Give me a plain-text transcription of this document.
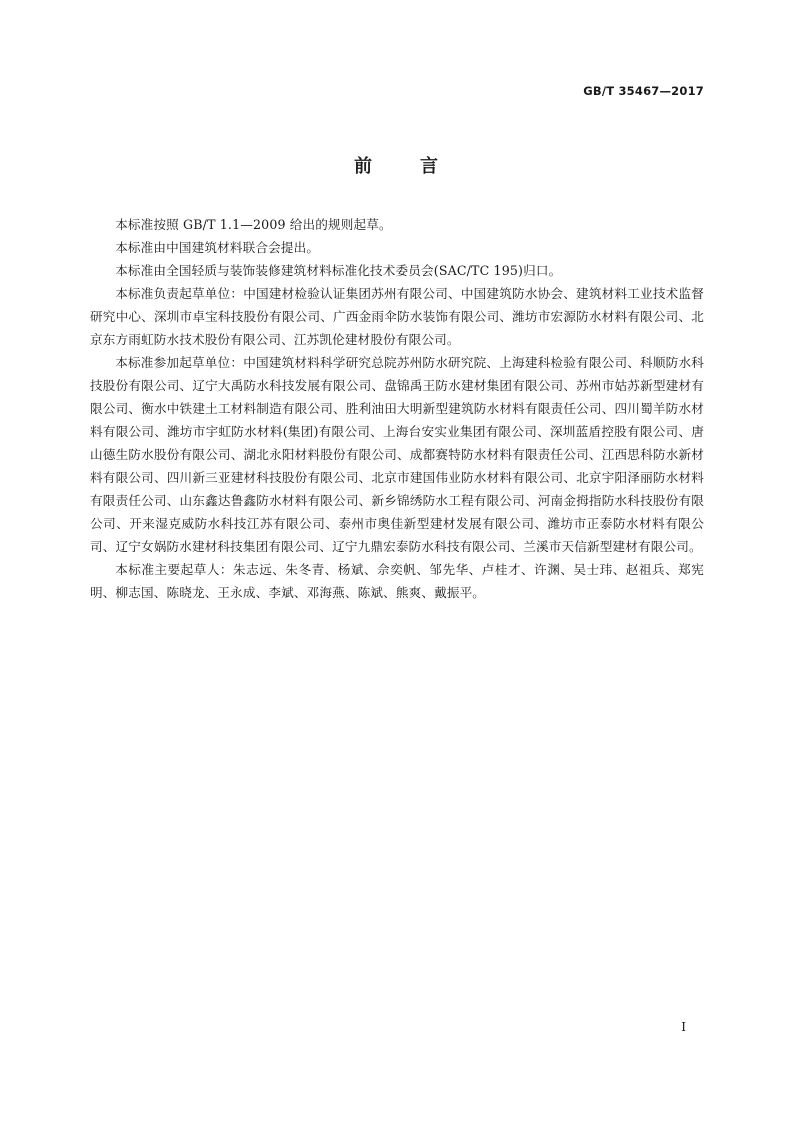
GB/T 35467—2017
前	言

本标准按照 GB/T 1.1—2009 给出的规则起草。

本标准由中国建筑材料联合会提出。

本标准由全国轻质与装饰装修建筑材料标准化技术委员会(SAC/TC 195)归口。

本标准负责起草单位：中国建材检验认证集团苏州有限公司、中国建筑防水协会、建筑材料工业技术监督研究中心、深圳市卓宝科技股份有限公司、广西金雨伞防水装饰有限公司、潍坊市宏源防水材料有限公司、北京东方雨虹防水技术股份有限公司、江苏凯伦建材股份有限公司。

本标准参加起草单位：中国建筑材料科学研究总院苏州防水研究院、上海建科检验有限公司、科顺防水科技股份有限公司、辽宁大禹防水科技发展有限公司、盘锦禹王防水建材集团有限公司、苏州市姑苏新型建材有限公司、衡水中铁建土工材料制造有限公司、胜利油田大明新型建筑防水材料有限责任公司、四川蜀羊防水材料有限公司、潍坊市宇虹防水材料(集团)有限公司、上海台安实业集团有限公司、深圳蓝盾控股有限公司、唐山德生防水股份有限公司、湖北永阳材料股份有限公司、成都赛特防水材料有限责任公司、江西思科防水新材料有限公司、四川新三亚建材科技股份有限公司、北京市建国伟业防水材料有限公司、北京宇阳泽丽防水材料有限责任公司、山东鑫达鲁鑫防水材料有限公司、新乡锦绣防水工程有限公司、河南金拇指防水科技股份有限公司、开来湿克威防水科技江苏有限公司、泰州市奥佳新型建材发展有限公司、潍坊市正泰防水材料有限公司、辽宁女娲防水建材科技集团有限公司、辽宁九鼎宏泰防水科技有限公司、兰溪市天信新型建材有限公司。

本标准主要起草人：朱志远、朱冬青、杨斌、佘奕帆、邹先华、卢桂才、许渊、吴士玮、赵祖兵、郑宪明、柳志国、陈晓龙、王永成、李斌、邓海燕、陈斌、熊爽、戴振平。

I
